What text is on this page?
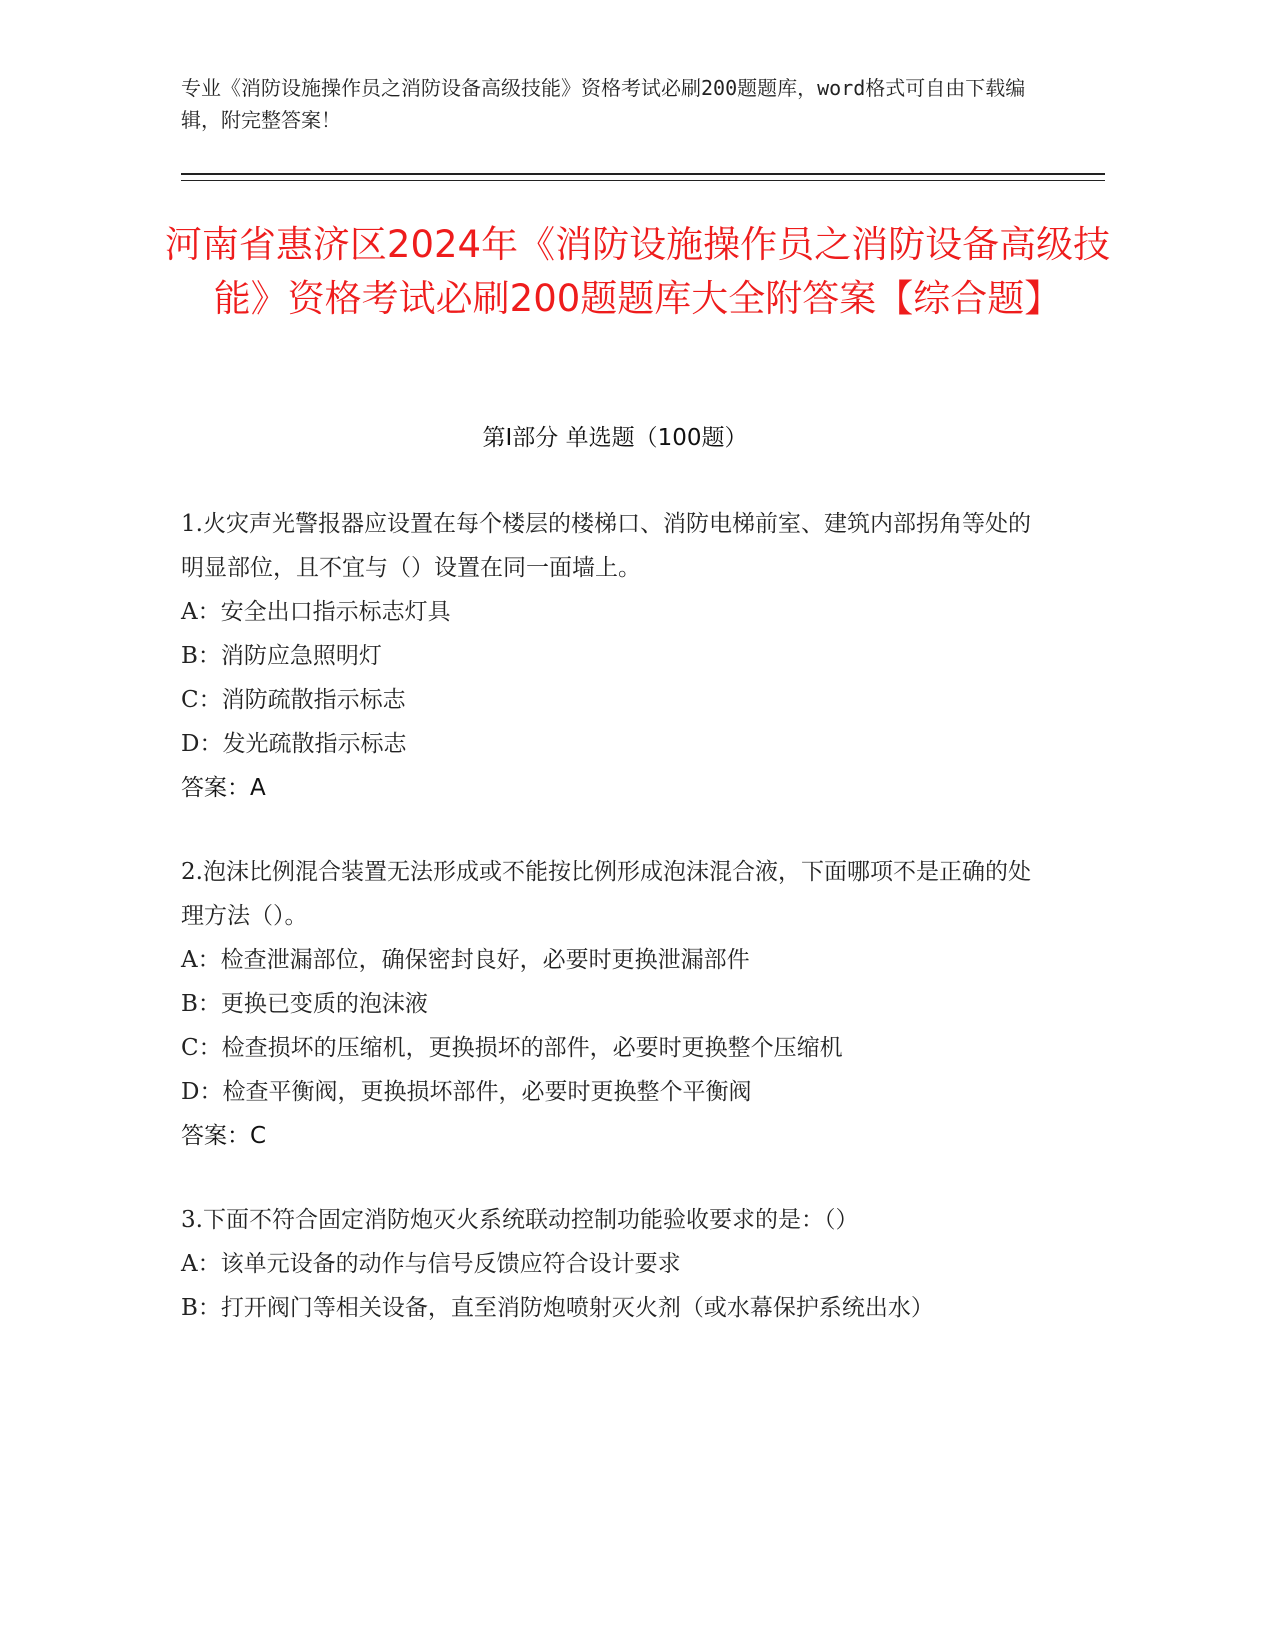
专业《消防设施操作员之消防设备高级技能》资格考试必刷200题题库，word格式可自由下载编辑，附完整答案！
河南省惠济区2024年《消防设施操作员之消防设备高级技能》资格考试必刷200题题库大全附答案【综合题】
第Ⅰ部分 单选题（100题）
1.火灾声光警报器应设置在每个楼层的楼梯口、消防电梯前室、建筑内部拐角等处的明显部位，且不宜与（）设置在同一面墙上。
A：安全出口指示标志灯具
B：消防应急照明灯
C：消防疏散指示标志
D：发光疏散指示标志
答案：A
2.泡沫比例混合装置无法形成或不能按比例形成泡沫混合液，下面哪项不是正确的处理方法（）。
A：检查泄漏部位，确保密封良好，必要时更换泄漏部件
B：更换已变质的泡沫液
C：检查损坏的压缩机，更换损坏的部件，必要时更换整个压缩机
D：检查平衡阀，更换损坏部件，必要时更换整个平衡阀
答案：C
3.下面不符合固定消防炮灭火系统联动控制功能验收要求的是：（）
A：该单元设备的动作与信号反馈应符合设计要求
B：打开阀门等相关设备，直至消防炮喷射灭火剂（或水幕保护系统出水）
